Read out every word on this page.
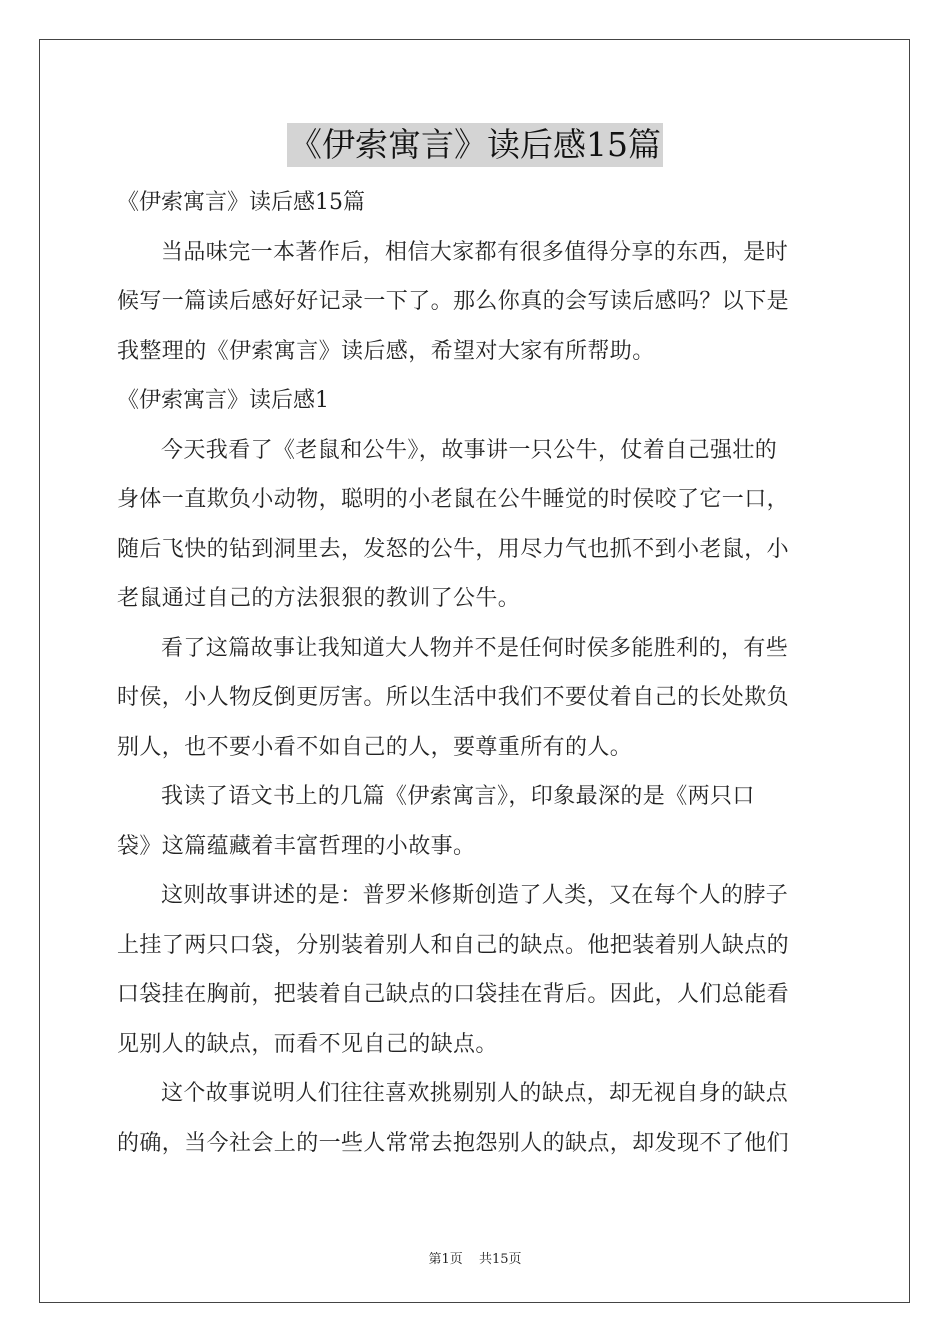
《伊索寓言》读后感15篇

《伊索寓言》读后感15篇

当品味完一本著作后，相信大家都有很多值得分享的东西，是时

候写一篇读后感好好记录一下了。那么你真的会写读后感吗？以下是

我整理的《伊索寓言》读后感，希望对大家有所帮助。

《伊索寓言》读后感1

今天我看了《老鼠和公牛》，故事讲一只公牛，仗着自己强壮的

身体一直欺负小动物，聪明的小老鼠在公牛睡觉的时侯咬了它一口，

随后飞快的钻到洞里去，发怒的公牛，用尽力气也抓不到小老鼠，小

老鼠通过自己的方法狠狠的教训了公牛。

看了这篇故事让我知道大人物并不是任何时侯多能胜利的，有些

时侯，小人物反倒更厉害。所以生活中我们不要仗着自己的长处欺负

别人，也不要小看不如自己的人，要尊重所有的人。

我读了语文书上的几篇《伊索寓言》，印象最深的是《两只口

袋》这篇蕴藏着丰富哲理的小故事。

这则故事讲述的是：普罗米修斯创造了人类，又在每个人的脖子

上挂了两只口袋，分别装着别人和自己的缺点。他把装着别人缺点的

口袋挂在胸前，把装着自己缺点的口袋挂在背后。因此，人们总能看

见别人的缺点，而看不见自己的缺点。

这个故事说明人们往往喜欢挑剔别人的缺点，却无视自身的缺点

的确，当今社会上的一些人常常去抱怨别人的缺点，却发现不了他们

第1页 共15页
